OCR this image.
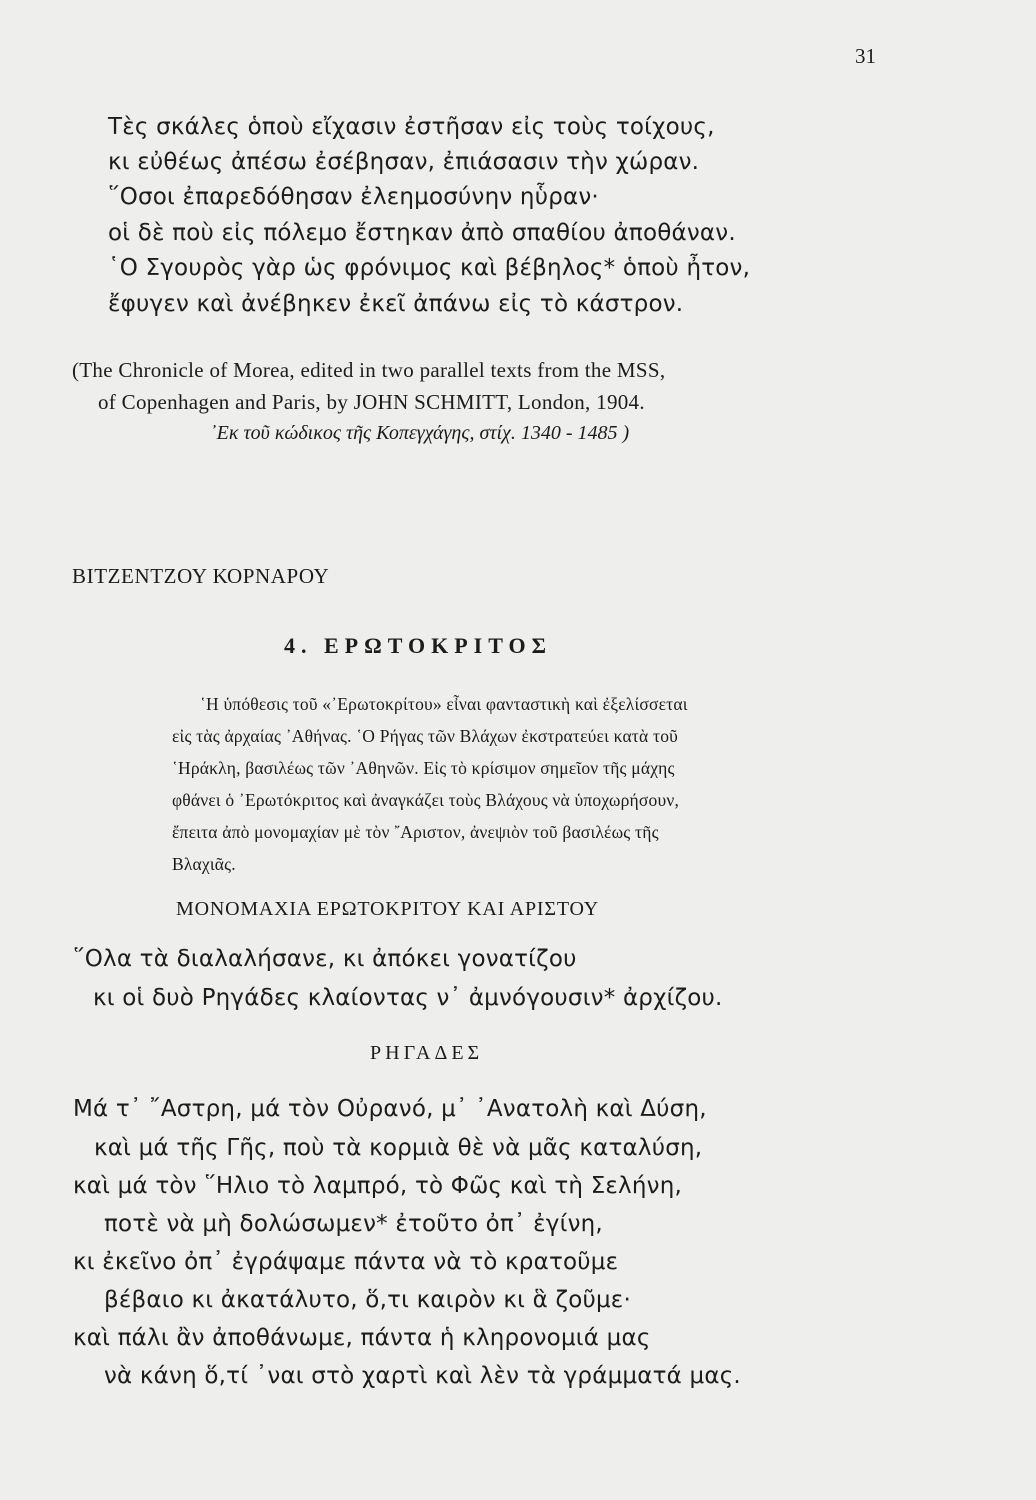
31
Τὲς σκάλες ὁποὺ εἴχασιν ἐστῆσαν εἰς τοὺς τοίχους,
κι εὐθέως ἀπέσω ἐσέβησαν, ἐπιάσασιν τὴν χώραν.
῞Οσοι ἐπαρεδόθησαν ἐλεημοσύνην ηὗραν·
οἱ δὲ ποὺ εἰς πόλεμο ἔστηκαν ἀπὸ σπαθίου ἀποθάναν.
῾Ο Σγουρὸς γὰρ ὡς φρόνιμος καὶ βέβηλος* ὁποὺ ἦτον,
ἔφυγεν καὶ ἀνέβηκεν ἐκεῖ ἀπάνω εἰς τὸ κάστρον.
(The Chronicle of Morea, edited in two parallel texts from the MSS,
of Copenhagen and Paris, by JOHN SCHMITT, London, 1904.
᾿Εκ τοῦ κώδικος τῆς Κοπεγχάγης, στίχ. 1340 - 1485 )
ΒΙΤΖΕΝΤΖΟΥ ΚΟΡΝΑΡΟΥ
4. ΕΡΩΤΟΚΡΙΤΟΣ
῾Η ὑπόθεσις τοῦ «᾿Ερωτοκρίτου» εἶναι φανταστικὴ καὶ ἐξελίσσεται
εἰς τὰς ἀρχαίας ᾿Αθήνας. ῾Ο Ρήγας τῶν Βλάχων ἐκστρατεύει κατὰ τοῦ
῾Ηράκλη, βασιλέως τῶν ᾿Αθηνῶν. Εἰς τὸ κρίσιμον σημεῖον τῆς μάχης
φθάνει ὁ ᾿Ερωτόκριτος καὶ ἀναγκάζει τοὺς Βλάχους νὰ ὑποχωρήσουν,
ἔπειτα ἀπὸ μονομαχίαν μὲ τὸν ῎Αριστον, ἀνεψιὸν τοῦ βασιλέως τῆς
Βλαχιᾶς.
ΜΟΝΟΜΑΧΙΑ ΕΡΩΤΟΚΡΙΤΟΥ ΚΑΙ ΑΡΙΣΤΟΥ
῞Ολα τὰ διαλαλήσανε, κι ἀπόκει γονατίζου
κι οἱ δυὸ Ρηγάδες κλαίοντας ν᾿ ἀμνόγουσιν* ἀρχίζου.
ΡΗΓΑΔΕΣ
Μά τ᾿ ῎Αστρη, μά τὸν Οὐρανό, μ᾿ ᾿Ανατολὴ καὶ Δύση,
καὶ μά τῆς Γῆς, ποὺ τὰ κορμιὰ θὲ νὰ μᾶς καταλύση,
καὶ μά τὸν ῞Ηλιο τὸ λαμπρό, τὸ Φῶς καὶ τὴ Σελήνη,
ποτὲ νὰ μὴ δολώσωμεν* ἐτοῦτο ὀπ᾿ ἐγίνη,
κι ἐκεῖνο ὀπ᾿ ἐγράψαμε πάντα νὰ τὸ κρατοῦμε
βέβαιο κι ἀκατάλυτο, ὅ,τι καιρὸν κι ἃ ζοῦμε·
καὶ πάλι ἂν ἀποθάνωμε, πάντα ἡ κληρονομιά μας
νὰ κάνη ὅ,τί ᾿ναι στὸ χαρτὶ καὶ λὲν τὰ γράμματά μας.
